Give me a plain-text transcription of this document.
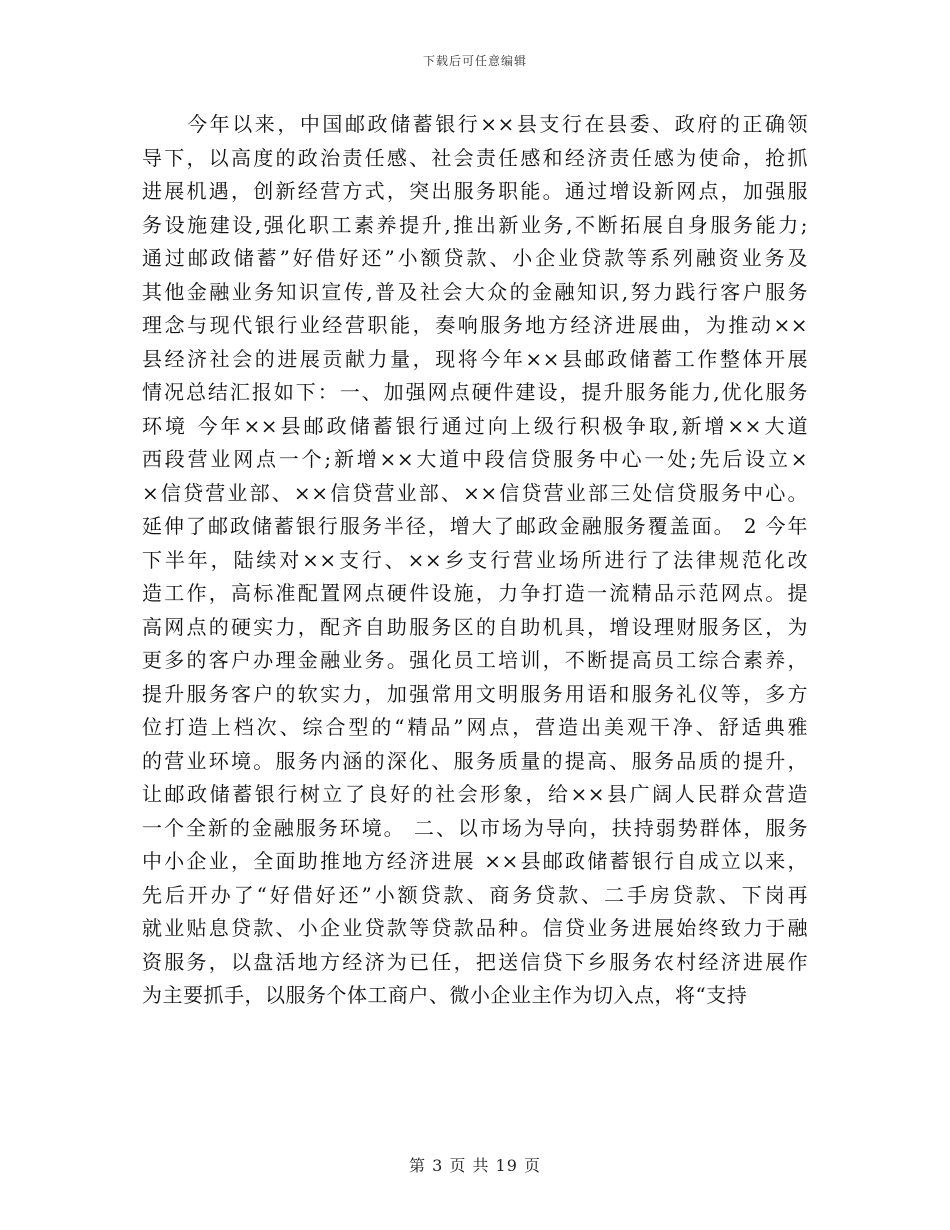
下载后可任意编辑
　　今年以来，中国邮政储蓄银行××县支行在县委、政府的正确领
导下，以高度的政治责任感、社会责任感和经济责任感为使命，抢抓
进展机遇，创新经营方式，突出服务职能。通过增设新网点，加强服
务设施建设,强化职工素养提升,推出新业务,不断拓展自身服务能力;
通过邮政储蓄”好借好还”小额贷款、小企业贷款等系列融资业务及
其他金融业务知识宣传,普及社会大众的金融知识,努力践行客户服务
理念与现代银行业经营职能，奏响服务地方经济进展曲，为推动××
县经济社会的进展贡献力量，现将今年××县邮政储蓄工作整体开展
情况总结汇报如下：一、加强网点硬件建设，提升服务能力,优化服务
环境 今年××县邮政储蓄银行通过向上级行积极争取,新增××大道
西段营业网点一个;新增××大道中段信贷服务中心一处;先后设立×
×信贷营业部、××信贷营业部、××信贷营业部三处信贷服务中心。
延伸了邮政储蓄银行服务半径，增大了邮政金融服务覆盖面。 2 今年
下半年，陆续对××支行、××乡支行营业场所进行了法律规范化改
造工作，高标准配置网点硬件设施，力争打造一流精品示范网点。提
高网点的硬实力，配齐自助服务区的自助机具，增设理财服务区，为
更多的客户办理金融业务。强化员工培训，不断提高员工综合素养，
提升服务客户的软实力，加强常用文明服务用语和服务礼仪等，多方
位打造上档次、综合型的“精品”网点，营造出美观干净、舒适典雅
的营业环境。服务内涵的深化、服务质量的提高、服务品质的提升，
让邮政储蓄银行树立了良好的社会形象，给××县广阔人民群众营造
一个全新的金融服务环境。 二、以市场为导向，扶持弱势群体，服务
中小企业，全面助推地方经济进展 ××县邮政储蓄银行自成立以来，
先后开办了“好借好还”小额贷款、商务贷款、二手房贷款、下岗再
就业贴息贷款、小企业贷款等贷款品种。信贷业务进展始终致力于融
资服务，以盘活地方经济为已任，把送信贷下乡服务农村经济进展作
为主要抓手，以服务个体工商户、微小企业主作为切入点，将“支持
第 3 页 共 19 页
